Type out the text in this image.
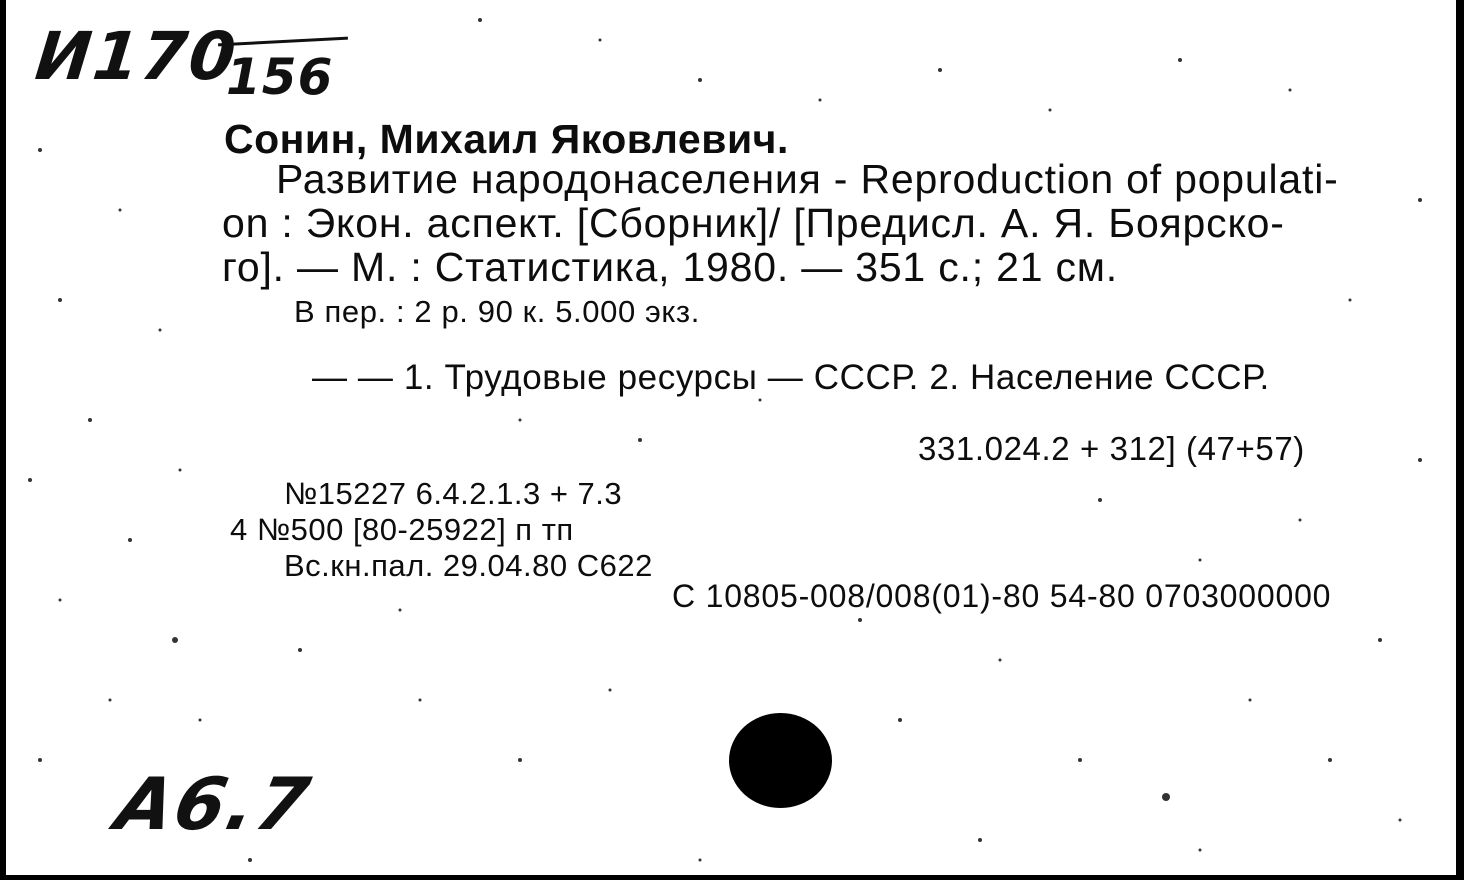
И170
156
Сонин, Михаил Яковлевич.
Развитие народонаселения - Reproduction of populati-
on : Экон. аспект. [Сборник]/ [Предисл. А. Я. Боярско-
го]. — М. : Статистика, 1980. — 351 с.; 21 см.
В пер. : 2 р. 90 к. 5.000 экз.
— — 1. Трудовые ресурсы — СССР. 2. Население СССР.
331.024.2 + 312] (47+57)
№15227 6.4.2.1.3 + 7.3
4 №500 [80-25922] п тп
Вс.кн.пал. 29.04.80 С622
С 10805-008/008(01)-80 54-80 0703000000
А6.7
